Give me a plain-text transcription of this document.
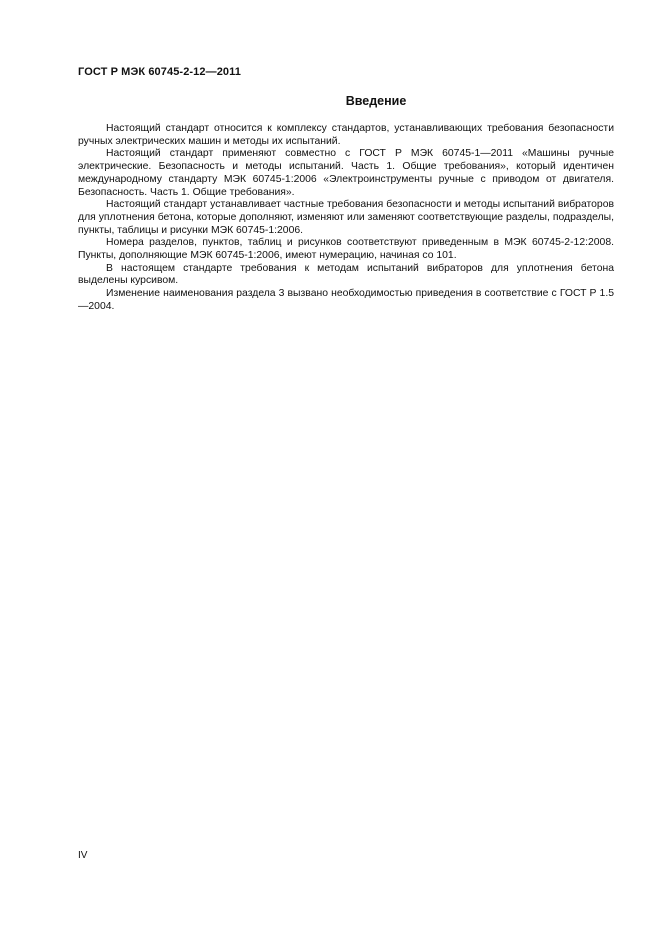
ГОСТ Р МЭК 60745-2-12—2011
Введение

Настоящий стандарт относится к комплексу стандартов, устанавливающих требования безопасности ручных электрических машин и методы их испытаний.

Настоящий стандарт применяют совместно с ГОСТ Р МЭК 60745-1—2011 «Машины ручные электрические. Безопасность и методы испытаний. Часть 1. Общие требования», который идентичен международному стандарту МЭК 60745-1:2006 «Электроинструменты ручные с приводом от двигателя. Безопасность. Часть 1. Общие требования».

Настоящий стандарт устанавливает частные требования безопасности и методы испытаний вибраторов для уплотнения бетона, которые дополняют, изменяют или заменяют соответствующие разделы, подразделы, пункты, таблицы и рисунки МЭК 60745-1:2006.

Номера разделов, пунктов, таблиц и рисунков соответствуют приведенным в МЭК 60745-2-12:2008. Пункты, дополняющие МЭК 60745-1:2006, имеют нумерацию, начиная со 101.

В настоящем стандарте требования к методам испытаний вибраторов для уплотнения бетона выделены курсивом.

Изменение наименования раздела 3 вызвано необходимостью приведения в соответствие с ГОСТ Р 1.5—2004.

IV
